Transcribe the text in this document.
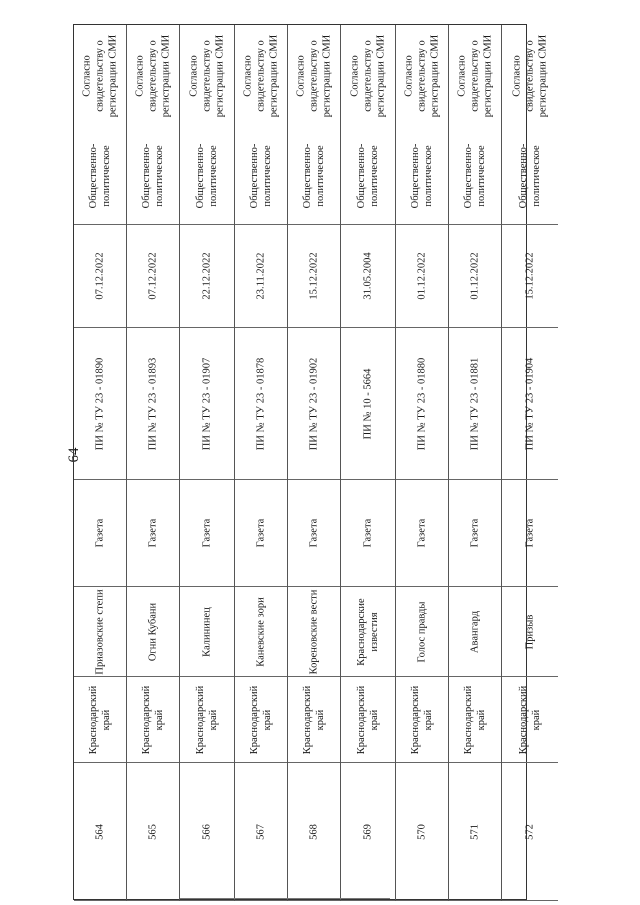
64
564
Краснодарский
край
Приазовские степи
Газета
ПИ № ТУ 23 - 01890
07.12.2022
Общественно-
политическое
Согласно
свидетельству о
регистрации СМИ
565
Краснодарский
край
Огни Кубани
Газета
ПИ № ТУ 23 - 01893
07.12.2022
Общественно-
политическое
Согласно
свидетельству о
регистрации СМИ
566
Краснодарский
край
Калининец
Газета
ПИ № ТУ 23 - 01907
22.12.2022
Общественно-
политическое
Согласно
свидетельству о
регистрации СМИ
567
Краснодарский
край
Каневские зори
Газета
ПИ № ТУ 23 - 01878
23.11.2022
Общественно-
политическое
Согласно
свидетельству о
регистрации СМИ
568
Краснодарский
край
Кореновские вести
Газета
ПИ № ТУ 23 - 01902
15.12.2022
Общественно-
политическое
Согласно
свидетельству о
регистрации СМИ
569
Краснодарский
край
Краснодарские известия
Газета
ПИ № 10 - 5664
31.05.2004
Общественно-
политическое
Согласно
свидетельству о
регистрации СМИ
570
Краснодарский
край
Голос правды
Газета
ПИ № ТУ 23 - 01880
01.12.2022
Общественно-
политическое
Согласно
свидетельству о
регистрации СМИ
571
Краснодарский
край
Авангард
Газета
ПИ № ТУ 23 - 01881
01.12.2022
Общественно-
политическое
Согласно
свидетельству о
регистрации СМИ
572
Краснодарский
край
Призыв
Газета
ПИ № ТУ 23 - 01904
15.12.2022
Общественно-
политическое
Согласно
свидетельству о
регистрации СМИ
